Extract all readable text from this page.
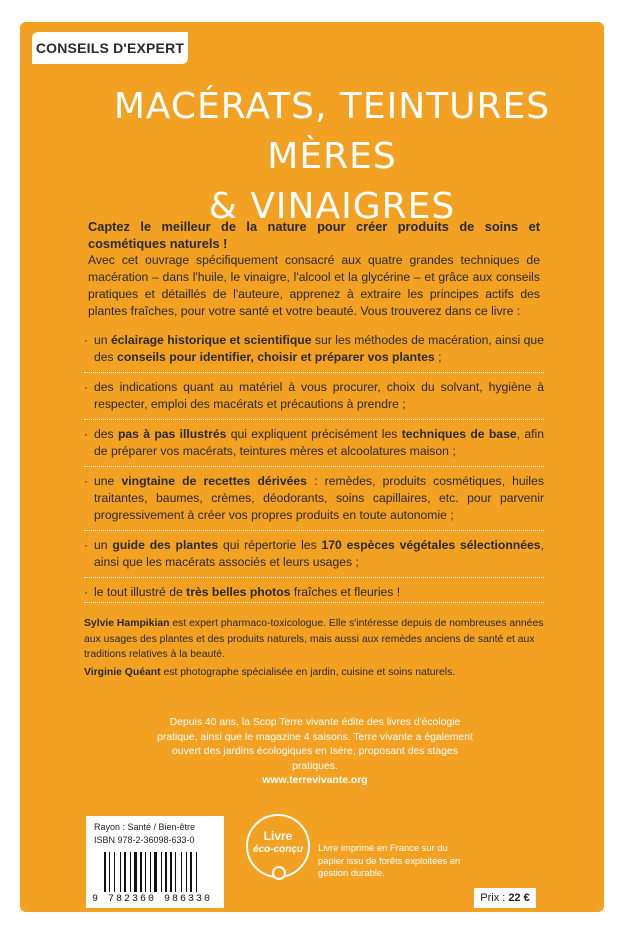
CONSEILS D'EXPERT
MACÉRATS, TEINTURES MÈRES
& VINAIGRES
Captez le meilleur de la nature pour créer produits de soins et cosmétiques naturels !
Avec cet ouvrage spécifiquement consacré aux quatre grandes techniques de macération – dans l'huile, le vinaigre, l'alcool et la glycérine – et grâce aux conseils pratiques et détaillés de l'auteure, apprenez à extraire les principes actifs des plantes fraîches, pour votre santé et votre beauté. Vous trouverez dans ce livre :
· un éclairage historique et scientifique sur les méthodes de macération, ainsi que des conseils pour identifier, choisir et préparer vos plantes ;
· des indications quant au matériel à vous procurer, choix du solvant, hygiène à respecter, emploi des macérats et précautions à prendre ;
· des pas à pas illustrés qui expliquent précisément les techniques de base, afin de préparer vos macérats, teintures mères et alcoolatures maison ;
· une vingtaine de recettes dérivées : remèdes, produits cosmétiques, huiles traitantes, baumes, crèmes, déodorants, soins capillaires, etc. pour parvenir progressivement à créer vos propres produits en toute autonomie ;
· un guide des plantes qui répertorie les 170 espèces végétales sélectionnées, ainsi que les macérats associés et leurs usages ;
· le tout illustré de très belles photos fraîches et fleuries !
Sylvie Hampikian est expert pharmaco-toxicologue. Elle s'intéresse depuis de nombreuses années aux usages des plantes et des produits naturels, mais aussi aux remèdes anciens de santé et aux traditions relatives à la beauté.
Virginie Quéant est photographe spécialisée en jardin, cuisine et soins naturels.
Depuis 40 ans, la Scop Terre vivante édite des livres d'écologie pratique, ainsi que le magazine 4 saisons. Terre vivante a également ouvert des jardins écologiques en Isère, proposant des stages pratiques.
www.terrevivante.org
Rayon : Santé / Bien-être
ISBN 978-2-36098-633-0
9 782360 986330
Livre
éco-conçu	Livre imprimé en France sur du papier issu de forêts exploitées en gestion durable.
Prix : 22 €
